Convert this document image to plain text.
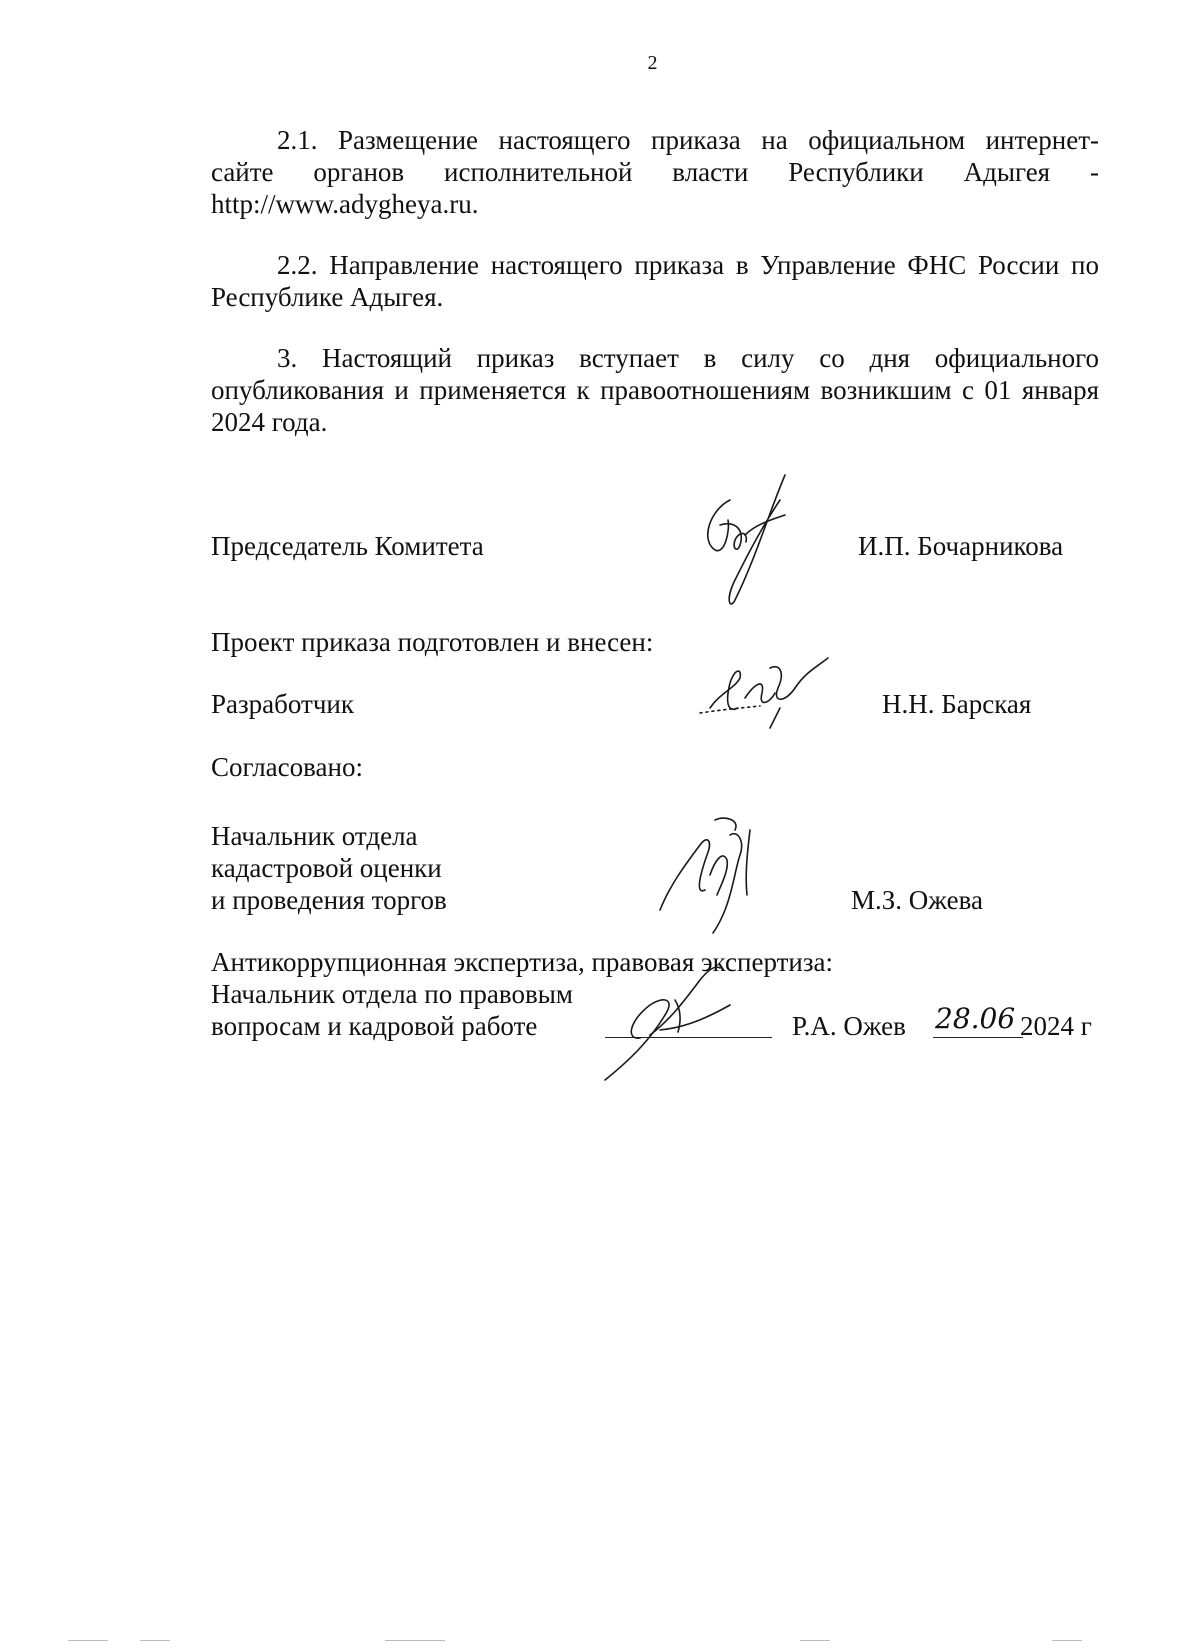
2
2.1. Размещение настоящего приказа на официальном интернет-
сайте органов исполнительной власти Республики Адыгея -
http://www.adygheya.ru.
2.2. Направление настоящего приказа в Управление ФНС России по
Республике Адыгея.
3. Настоящий приказ вступает в силу со дня официального
опубликования и применяется к правоотношениям возникшим с 01 января
2024 года.
Председатель Комитета	И.П. Бочарникова
Проект приказа подготовлен и внесен:
Разработчик	Н.Н. Барская
Согласовано:
Начальник отдела
кадастровой оценки
и проведения торгов	М.З. Ожева
Антикоррупционная экспертиза, правовая экспертиза:
Начальник отдела по правовым
вопросам и кадровой работе	Р.А. Ожев 28.06 2024 г
